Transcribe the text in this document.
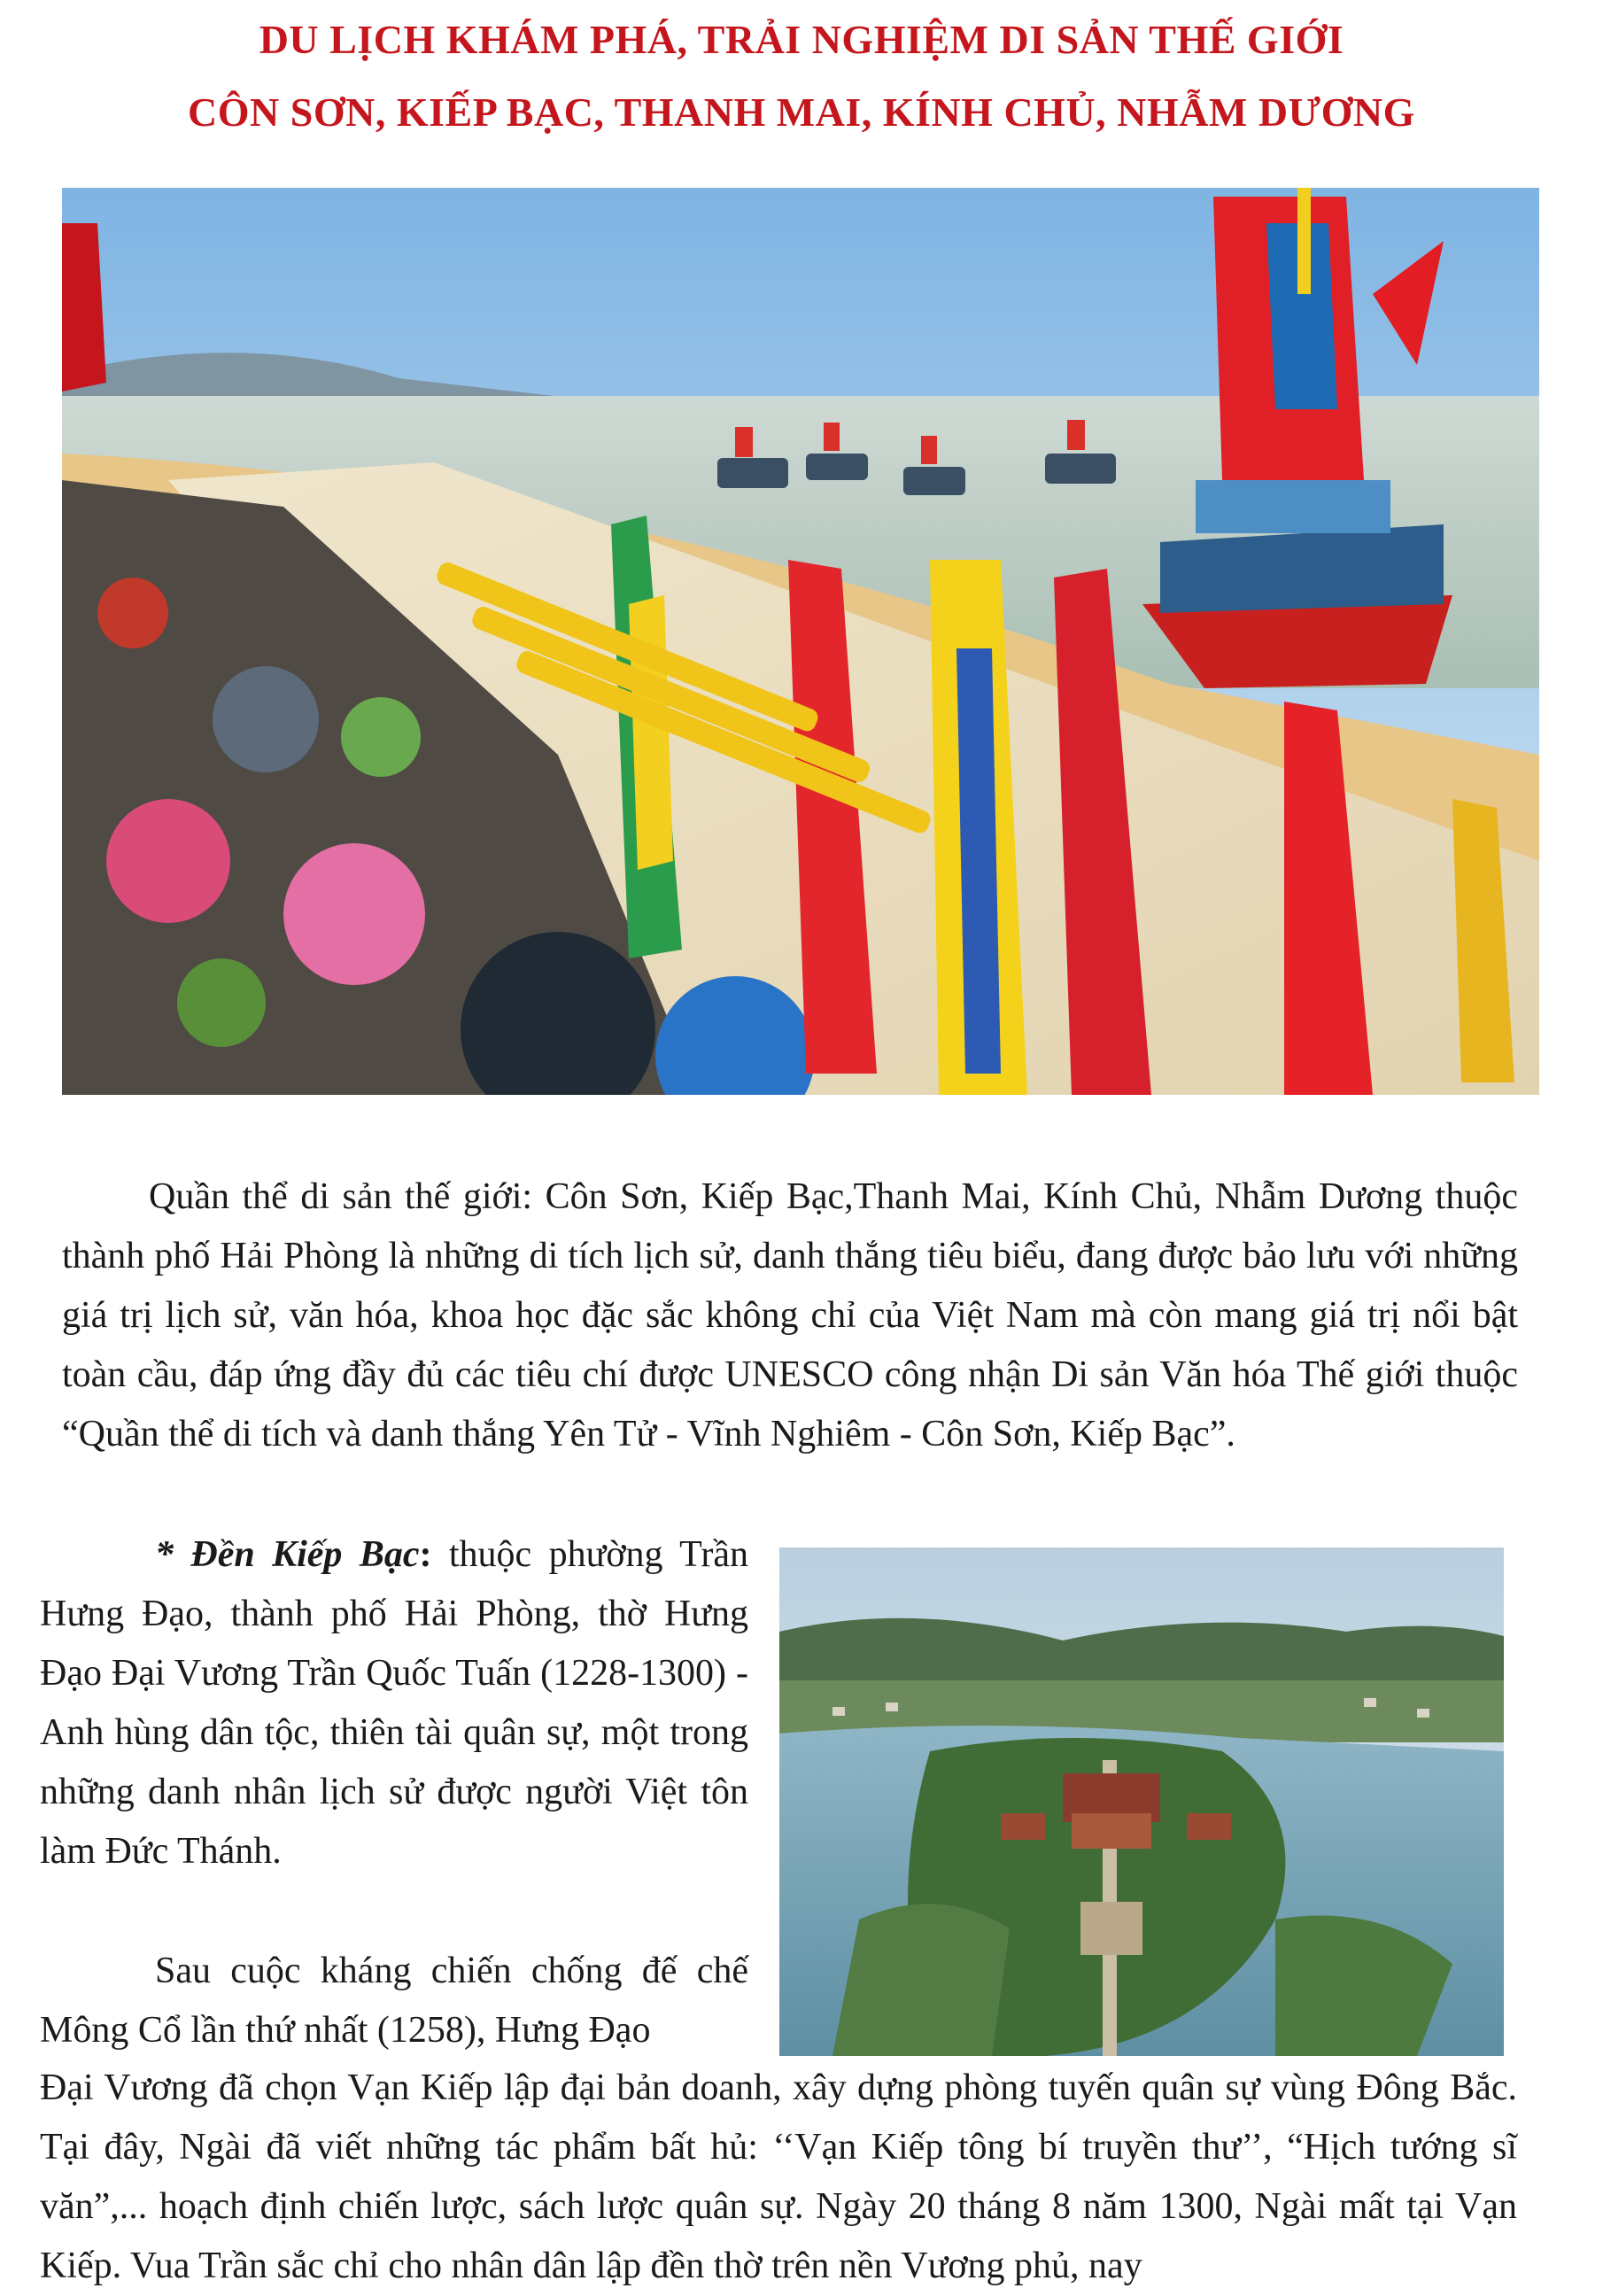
DU LỊCH KHÁM PHÁ, TRẢI NGHIỆM DI SẢN THẾ GIỚI
CÔN SƠN, KIẾP BẠC, THANH MAI, KÍNH CHỦ, NHẪM DƯƠNG

Quần thể di sản thế giới: Côn Sơn, Kiếp Bạc,Thanh Mai, Kính Chủ, Nhẫm Dương thuộc thành phố Hải Phòng là những di tích lịch sử, danh thắng tiêu biểu, đang được bảo lưu với những giá trị lịch sử, văn hóa, khoa học đặc sắc không chỉ của Việt Nam mà còn mang giá trị nổi bật toàn cầu, đáp ứng đầy đủ các tiêu chí được UNESCO công nhận Di sản Văn hóa Thế giới thuộc “Quần thể di tích và danh thắng Yên Tử - Vĩnh Nghiêm - Côn Sơn, Kiếp Bạc”.

* Đền Kiếp Bạc: thuộc phường Trần Hưng Đạo, thành phố Hải Phòng, thờ Hưng Đạo Đại Vương Trần Quốc Tuấn (1228-1300) - Anh hùng dân tộc, thiên tài quân sự, một trong những danh nhân lịch sử được người Việt tôn làm Đức Thánh.

Sau cuộc kháng chiến chống đế chế Mông Cổ lần thứ nhất (1258), Hưng Đạo

Đại Vương đã chọn Vạn Kiếp lập đại bản doanh, xây dựng phòng tuyến quân sự vùng Đông Bắc. Tại đây, Ngài đã viết những tác phẩm bất hủ: ‘‘Vạn Kiếp tông bí truyền thư’’, “Hịch tướng sĩ văn”,... hoạch định chiến lược, sách lược quân sự. Ngày 20 tháng 8 năm 1300, Ngài mất tại Vạn Kiếp. Vua Trần sắc chỉ cho nhân dân lập đền thờ trên nền Vương phủ, nay
